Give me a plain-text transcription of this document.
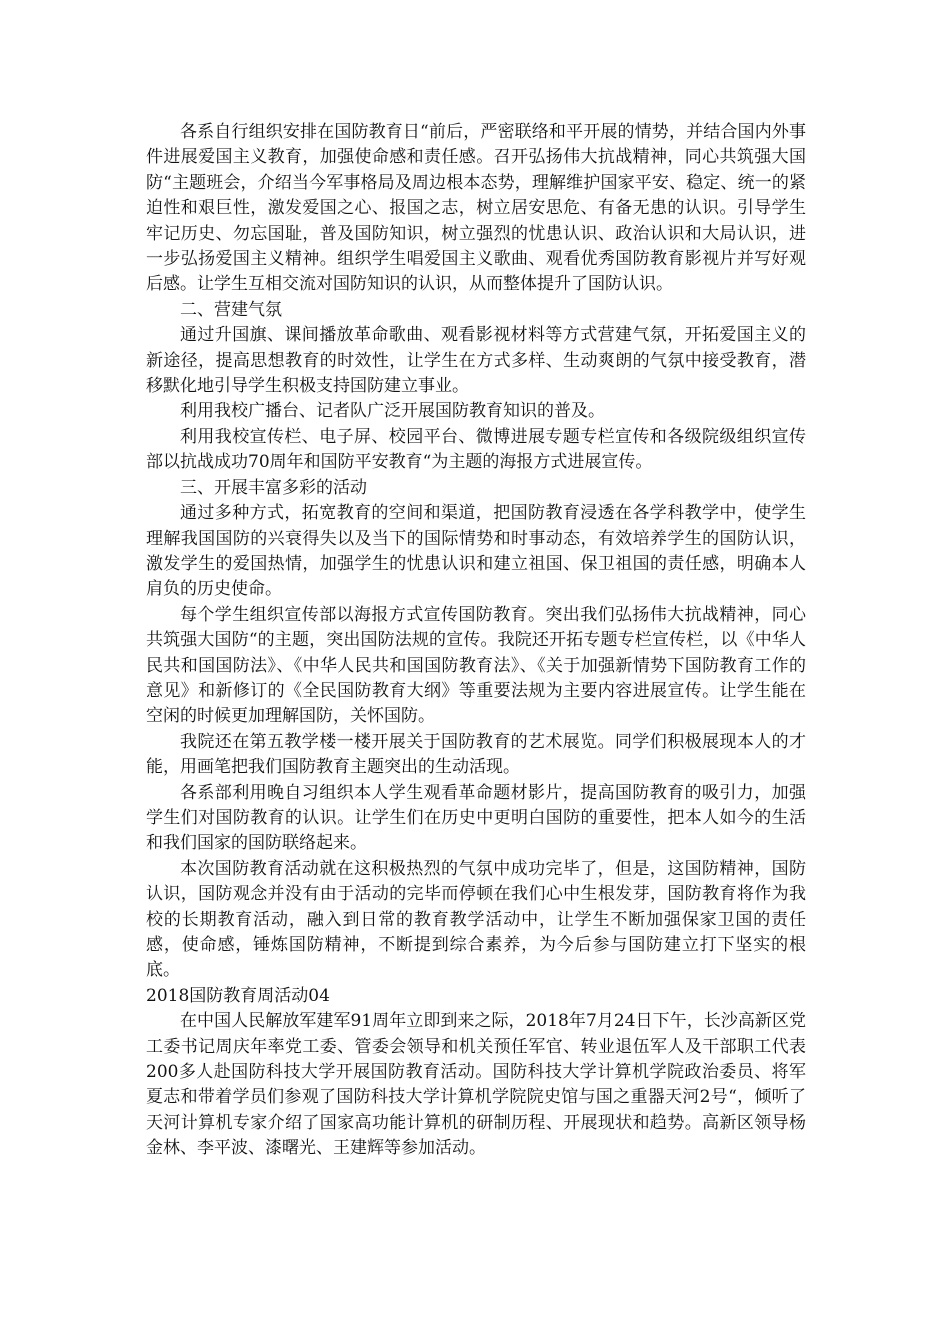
各系自行组织安排在国防教育日“前后，严密联络和平开展的情势，并结合国内外事件进展爱国主义教育，加强使命感和责任感。召开弘扬伟大抗战精神，同心共筑强大国防“主题班会，介绍当今军事格局及周边根本态势，理解维护国家平安、稳定、统一的紧迫性和艰巨性，激发爱国之心、报国之志，树立居安思危、有备无患的认识。引导学生牢记历史、勿忘国耻，普及国防知识，树立强烈的忧患认识、政治认识和大局认识，进一步弘扬爱国主义精神。组织学生唱爱国主义歌曲、观看优秀国防教育影视片并写好观后感。让学生互相交流对国防知识的认识，从而整体提升了国防认识。

二、营建气氛

通过升国旗、课间播放革命歌曲、观看影视材料等方式营建气氛，开拓爱国主义的新途径，提高思想教育的时效性，让学生在方式多样、生动爽朗的气氛中接受教育，潜移默化地引导学生积极支持国防建立事业。

利用我校广播台、记者队广泛开展国防教育知识的普及。

利用我校宣传栏、电子屏、校园平台、微博进展专题专栏宣传和各级院级组织宣传部以抗战成功70周年和国防平安教育“为主题的海报方式进展宣传。

三、开展丰富多彩的活动

通过多种方式，拓宽教育的空间和渠道，把国防教育浸透在各学科教学中，使学生理解我国国防的兴衰得失以及当下的国际情势和时事动态，有效培养学生的国防认识，激发学生的爱国热情，加强学生的忧患认识和建立祖国、保卫祖国的责任感，明确本人肩负的历史使命。

每个学生组织宣传部以海报方式宣传国防教育。突出我们弘扬伟大抗战精神，同心共筑强大国防“的主题，突出国防法规的宣传。我院还开拓专题专栏宣传栏，以《中华人民共和国国防法》、《中华人民共和国国防教育法》、《关于加强新情势下国防教育工作的意见》和新修订的《全民国防教育大纲》等重要法规为主要内容进展宣传。让学生能在空闲的时候更加理解国防，关怀国防。

我院还在第五教学楼一楼开展关于国防教育的艺术展览。同学们积极展现本人的才能，用画笔把我们国防教育主题突出的生动活现。

各系部利用晚自习组织本人学生观看革命题材影片，提高国防教育的吸引力，加强学生们对国防教育的认识。让学生们在历史中更明白国防的重要性，把本人如今的生活和我们国家的国防联络起来。

本次国防教育活动就在这积极热烈的气氛中成功完毕了，但是，这国防精神，国防认识，国防观念并没有由于活动的完毕而停顿在我们心中生根发芽，国防教育将作为我校的长期教育活动，融入到日常的教育教学活动中，让学生不断加强保家卫国的责任感，使命感，锤炼国防精神，不断提到综合素养，为今后参与国防建立打下坚实的根底。

2018国防教育周活动04

在中国人民解放军建军91周年立即到来之际，2018年7月24日下午，长沙高新区党工委书记周庆年率党工委、管委会领导和机关预任军官、转业退伍军人及干部职工代表200多人赴国防科技大学开展国防教育活动。国防科技大学计算机学院政治委员、将军夏志和带着学员们参观了国防科技大学计算机学院院史馆与国之重器天河2号“，倾听了天河计算机专家介绍了国家高功能计算机的研制历程、开展现状和趋势。高新区领导杨金林、李平波、漆曙光、王建辉等参加活动。
